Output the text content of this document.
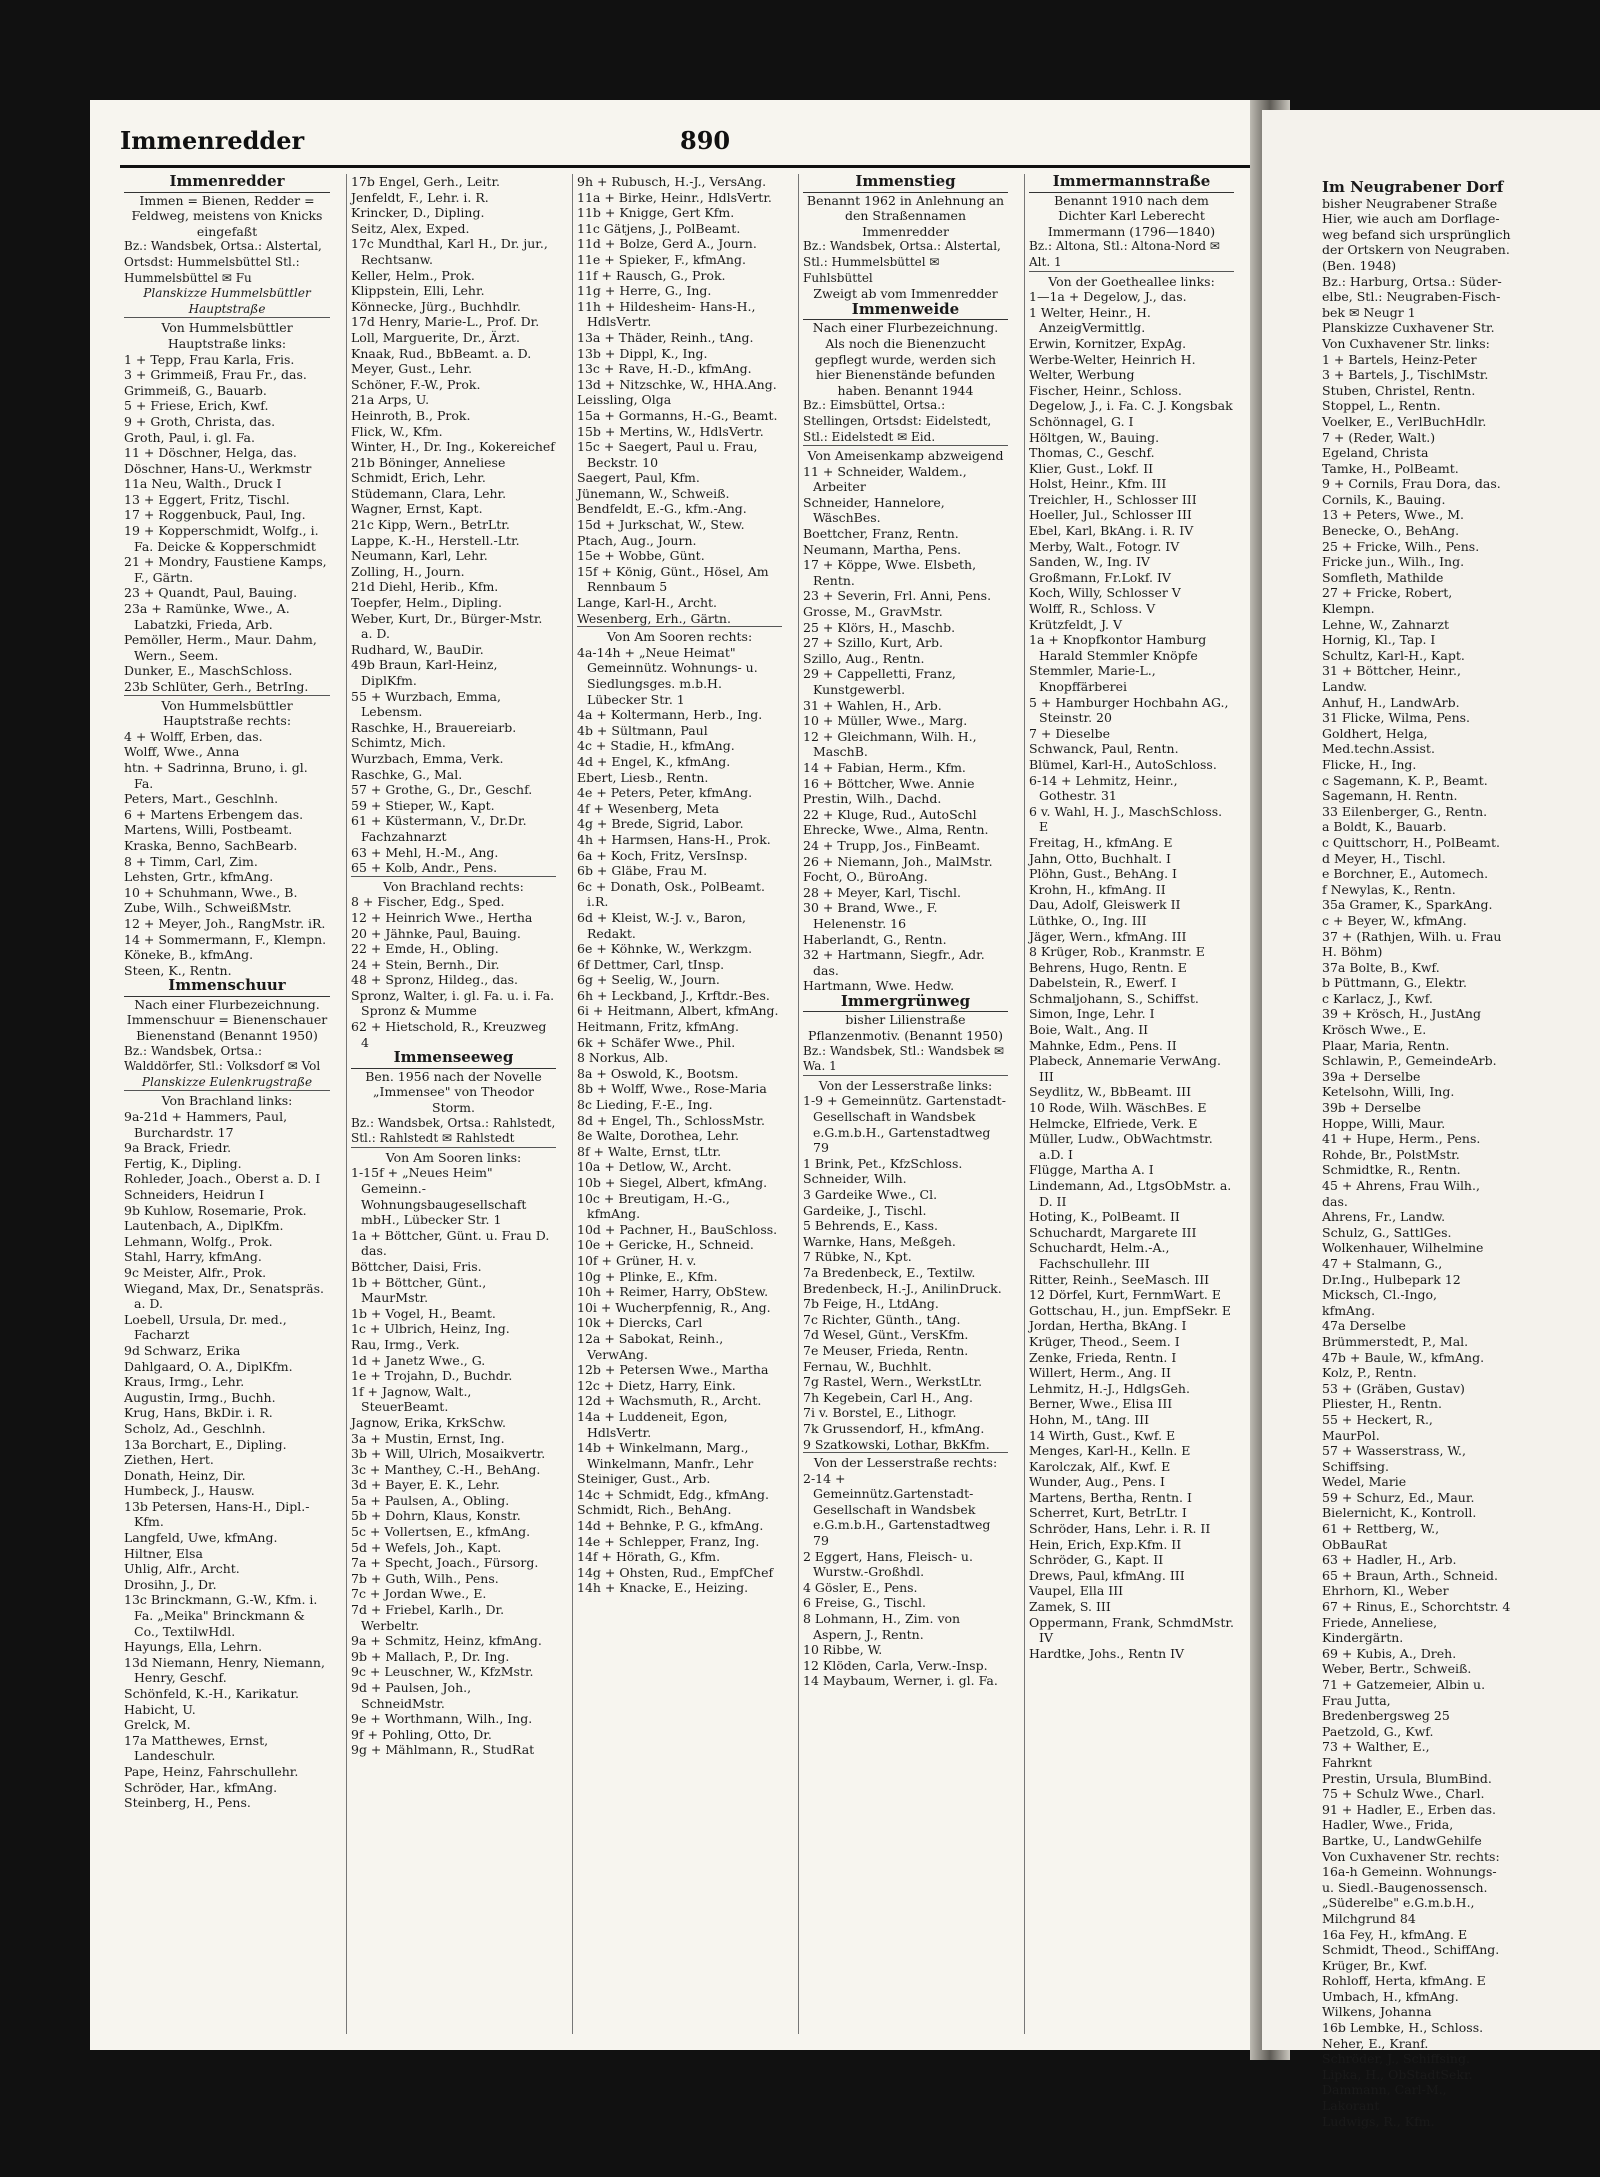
Immenredder	890

Immenredder

Immen = Bienen, Redder = Feldweg, meistens von Knicks eingefaßt

Bz.: Wandsbek, Ortsa.: Alstertal, Ortsdst: Hummelsbüttel Stl.: Hummelsbüttel ✉ Fu

Planskizze Hummelsbüttler Hauptstraße

Von Hummelsbüttler Hauptstraße links:

1 + Tepp, Frau Karla, Fris.

3 + Grimmeiß, Frau Fr., das.

Grimmeiß, G., Bauarb.

5 + Friese, Erich, Kwf.

9 + Groth, Christa, das.

Groth, Paul, i. gl. Fa.

11 + Döschner, Helga, das.

Döschner, Hans-U., Werkmstr

11a Neu, Walth., Druck I

13 + Eggert, Fritz, Tischl.

17 + Roggenbuck, Paul, Ing.

19 + Kopperschmidt, Wolfg., i. Fa. Deicke & Kopperschmidt

21 + Mondry, Faustiene Kamps, F., Gärtn.

23 + Quandt, Paul, Bauing.

23a + Ramünke, Wwe., A. Labatzki, Frieda, Arb.

Pemöller, Herm., Maur. Dahm, Wern., Seem.

Dunker, E., MaschSchloss.

23b Schlüter, Gerh., BetrIng.

Von Hummelsbüttler Hauptstraße rechts:

4 + Wolff, Erben, das.

Wolff, Wwe., Anna

htn. + Sadrinna, Bruno, i. gl. Fa.

Peters, Mart., Geschlnh.

6 + Martens Erbengem das.

Martens, Willi, Postbeamt.

Kraska, Benno, SachBearb.

8 + Timm, Carl, Zim.

Lehsten, Grtr., kfmAng.

10 + Schuhmann, Wwe., B.

Zube, Wilh., SchweißMstr.

12 + Meyer, Joh., RangMstr. iR.

14 + Sommermann, F., Klempn.

Köneke, B., kfmAng.

Steen, K., Rentn.

Immenschuur

Nach einer Flurbezeichnung. Immenschuur = Bienenschauer Bienenstand (Benannt 1950)

Bz.: Wandsbek, Ortsa.: Walddörfer, Stl.: Volksdorf ✉ Vol

Planskizze Eulenkrugstraße

Von Brachland links:

9a-21d + Hammers, Paul, Burchardstr. 17

9a Brack, Friedr.

Fertig, K., Dipling.

Rohleder, Joach., Oberst a. D. I

Schneiders, Heidrun I

9b Kuhlow, Rosemarie, Prok.

Lautenbach, A., DiplKfm.

Lehmann, Wolfg., Prok.

Stahl, Harry, kfmAng.

9c Meister, Alfr., Prok.

Wiegand, Max, Dr., Senatspräs. a. D.

Loebell, Ursula, Dr. med., Facharzt

9d Schwarz, Erika

Dahlgaard, O. A., DiplKfm.

Kraus, Irmg., Lehr.

Augustin, Irmg., Buchh.

Krug, Hans, BkDir. i. R.

Scholz, Ad., Geschlnh.

13a Borchart, E., Dipling.

Ziethen, Hert.

Donath, Heinz, Dir.

Humbeck, J., Hausw.

13b Petersen, Hans-H., Dipl.-Kfm.

Langfeld, Uwe, kfmAng.

Hiltner, Elsa

Uhlig, Alfr., Archt.

Drosihn, J., Dr.

13c Brinckmann, G.-W., Kfm. i. Fa. „Meika" Brinckmann & Co., TextilwHdl.

Hayungs, Ella, Lehrn.

13d Niemann, Henry, Niemann, Henry, Geschf.

Schönfeld, K.-H., Karikatur.

Habicht, U.

Grelck, M.

17a Matthewes, Ernst, Landeschulr.

Pape, Heinz, Fahrschullehr.

Schröder, Har., kfmAng.

Steinberg, H., Pens.

17b Engel, Gerh., Leitr.

Jenfeldt, F., Lehr. i. R.

Krincker, D., Dipling.

Seitz, Alex, Exped.

17c Mundthal, Karl H., Dr. jur., Rechtsanw.

Keller, Helm., Prok.

Klippstein, Elli, Lehr.

Könnecke, Jürg., Buchhdlr.

17d Henry, Marie-L., Prof. Dr.

Loll, Marguerite, Dr., Ärzt.

Knaak, Rud., BbBeamt. a. D.

Meyer, Gust., Lehr.

Schöner, F.-W., Prok.

21a Arps, U.

Heinroth, B., Prok.

Flick, W., Kfm.

Winter, H., Dr. Ing., Kokereichef

21b Böninger, Anneliese

Schmidt, Erich, Lehr.

Stüdemann, Clara, Lehr.

Wagner, Ernst, Kapt.

21c Kipp, Wern., BetrLtr.

Lappe, K.-H., Herstell.-Ltr.

Neumann, Karl, Lehr.

Zolling, H., Journ.

21d Diehl, Herib., Kfm.

Toepfer, Helm., Dipling.

Weber, Kurt, Dr., Bürger-Mstr. a. D.

Rudhard, W., BauDir.

49b Braun, Karl-Heinz, DiplKfm.

55 + Wurzbach, Emma, Lebensm.

Raschke, H., Brauereiarb.

Schimtz, Mich.

Wurzbach, Emma, Verk.

Raschke, G., Mal.

57 + Grothe, G., Dr., Geschf.

59 + Stieper, W., Kapt.

61 + Küstermann, V., Dr.Dr. Fachzahnarzt

63 + Mehl, H.-M., Ang.

65 + Kolb, Andr., Pens.

Von Brachland rechts:

8 + Fischer, Edg., Sped.

12 + Heinrich Wwe., Hertha

20 + Jähnke, Paul, Bauing.

22 + Emde, H., Obling.

24 + Stein, Bernh., Dir.

48 + Spronz, Hildeg., das.

Spronz, Walter, i. gl. Fa. u. i. Fa. Spronz & Mumme

62 + Hietschold, R., Kreuzweg 4

Immenseeweg

Ben. 1956 nach der Novelle „Immensee" von Theodor Storm.

Bz.: Wandsbek, Ortsa.: Rahlstedt, Stl.: Rahlstedt ✉ Rahlstedt

Von Am Sooren links:

1-15f + „Neues Heim" Gemeinn.-Wohnungsbaugesellschaft mbH., Lübecker Str. 1

1a + Böttcher, Günt. u. Frau D. das.

Böttcher, Daisi, Fris.

1b + Böttcher, Günt., MaurMstr.

1b + Vogel, H., Beamt.

1c + Ulbrich, Heinz, Ing.

Rau, Irmg., Verk.

1d + Janetz Wwe., G.

1e + Trojahn, D., Buchdr.

1f + Jagnow, Walt., SteuerBeamt.

Jagnow, Erika, KrkSchw.

3a + Mustin, Ernst, Ing.

3b + Will, Ulrich, Mosaikvertr.

3c + Manthey, C.-H., BehAng.

3d + Bayer, E. K., Lehr.

5a + Paulsen, A., Obling.

5b + Dohrn, Klaus, Konstr.

5c + Vollertsen, E., kfmAng.

5d + Wefels, Joh., Kapt.

7a + Specht, Joach., Fürsorg.

7b + Guth, Wilh., Pens.

7c + Jordan Wwe., E.

7d + Friebel, Karlh., Dr. Werbeltr.

9a + Schmitz, Heinz, kfmAng.

9b + Mallach, P., Dr. Ing.

9c + Leuschner, W., KfzMstr.

9d + Paulsen, Joh., SchneidMstr.

9e + Worthmann, Wilh., Ing.

9f + Pohling, Otto, Dr.

9g + Mählmann, R., StudRat

9h + Rubusch, H.-J., VersAng.

11a + Birke, Heinr., HdlsVertr.

11b + Knigge, Gert Kfm.

11c Gätjens, J., PolBeamt.

11d + Bolze, Gerd A., Journ.

11e + Spieker, F., kfmAng.

11f + Rausch, G., Prok.

11g + Herre, G., Ing.

11h + Hildesheim- Hans-H., HdlsVertr.

13a + Thäder, Reinh., tAng.

13b + Dippl, K., Ing.

13c + Rave, H.-D., kfmAng.

13d + Nitzschke, W., HHA.Ang.

Leissling, Olga

15a + Gormanns, H.-G., Beamt.

15b + Mertins, W., HdlsVertr.

15c + Saegert, Paul u. Frau, Beckstr. 10

Saegert, Paul, Kfm.

Jünemann, W., Schweiß.

Bendfeldt, E.-G., kfm.-Ang.

15d + Jurkschat, W., Stew.

Ptach, Aug., Journ.

15e + Wobbe, Günt.

15f + König, Günt., Hösel, Am Rennbaum 5

Lange, Karl-H., Archt.

Wesenberg, Erh., Gärtn.

Von Am Sooren rechts:

4a-14h + „Neue Heimat" Gemeinnütz. Wohnungs- u. Siedlungsges. m.b.H. Lübecker Str. 1

4a + Koltermann, Herb., Ing.

4b + Sültmann, Paul

4c + Stadie, H., kfmAng.

4d + Engel, K., kfmAng.

Ebert, Liesb., Rentn.

4e + Peters, Peter, kfmAng.

4f + Wesenberg, Meta

4g + Brede, Sigrid, Labor.

4h + Harmsen, Hans-H., Prok.

6a + Koch, Fritz, VersInsp.

6b + Gläbe, Frau M.

6c + Donath, Osk., PolBeamt. i.R.

6d + Kleist, W.-J. v., Baron, Redakt.

6e + Köhnke, W., Werkzgm.

6f Dettmer, Carl, tInsp.

6g + Seelig, W., Journ.

6h + Leckband, J., Krftdr.-Bes.

6i + Heitmann, Albert, kfmAng.

Heitmann, Fritz, kfmAng.

6k + Schäfer Wwe., Phil.

8 Norkus, Alb.

8a + Oswold, K., Bootsm.

8b + Wolff, Wwe., Rose-Maria

8c Lieding, F.-E., Ing.

8d + Engel, Th., SchlossMstr.

8e Walte, Dorothea, Lehr.

8f + Walte, Ernst, tLtr.

10a + Detlow, W., Archt.

10b + Siegel, Albert, kfmAng.

10c + Breutigam, H.-G., kfmAng.

10d + Pachner, H., BauSchloss.

10e + Gericke, H., Schneid.

10f + Grüner, H. v.

10g + Plinke, E., Kfm.

10h + Reimer, Harry, ObStew.

10i + Wucherpfennig, R., Ang.

10k + Diercks, Carl

12a + Sabokat, Reinh., VerwAng.

12b + Petersen Wwe., Martha

12c + Dietz, Harry, Eink.

12d + Wachsmuth, R., Archt.

14a + Luddeneit, Egon, HdlsVertr.

14b + Winkelmann, Marg., Winkelmann, Manfr., Lehr

Steiniger, Gust., Arb.

14c + Schmidt, Edg., kfmAng.

Schmidt, Rich., BehAng.

14d + Behnke, P. G., kfmAng.

14e + Schlepper, Franz, Ing.

14f + Hörath, G., Kfm.

14g + Ohsten, Rud., EmpfChef

14h + Knacke, E., Heizing.

Immenstieg

Benannt 1962 in Anlehnung an den Straßennamen Immenredder

Bz.: Wandsbek, Ortsa.: Alstertal, Stl.: Hummelsbüttel ✉ Fuhlsbüttel

Zweigt ab vom Immenredder

Immenweide

Nach einer Flurbezeichnung. Als noch die Bienenzucht gepflegt wurde, werden sich hier Bienenstände befunden haben. Benannt 1944

Bz.: Eimsbüttel, Ortsa.: Stellingen, Ortsdst: Eidelstedt, Stl.: Eidelstedt ✉ Eid.

Von Ameisenkamp abzweigend

11 + Schneider, Waldem., Arbeiter

Schneider, Hannelore, WäschBes.

Boettcher, Franz, Rentn.

Neumann, Martha, Pens.

17 + Köppe, Wwe. Elsbeth, Rentn.

23 + Severin, Frl. Anni, Pens.

Grosse, M., GravMstr.

25 + Klörs, H., Maschb.

27 + Szillo, Kurt, Arb.

Szillo, Aug., Rentn.

29 + Cappelletti, Franz, Kunstgewerbl.

31 + Wahlen, H., Arb.

10 + Müller, Wwe., Marg.

12 + Gleichmann, Wilh. H., MaschB.

14 + Fabian, Herm., Kfm.

16 + Böttcher, Wwe. Annie

Prestin, Wilh., Dachd.

22 + Kluge, Rud., AutoSchl

Ehrecke, Wwe., Alma, Rentn.

24 + Trupp, Jos., FinBeamt.

26 + Niemann, Joh., MalMstr.

Focht, O., BüroAng.

28 + Meyer, Karl, Tischl.

30 + Brand, Wwe., F. Helenenstr. 16

Haberlandt, G., Rentn.

32 + Hartmann, Siegfr., Adr. das.

Hartmann, Wwe. Hedw.

Immergrünweg

bisher Lilienstraße Pflanzenmotiv. (Benannt 1950)

Bz.: Wandsbek, Stl.: Wandsbek ✉ Wa. 1

Von der Lesserstraße links:

1-9 + Gemeinnütz. Gartenstadt-Gesellschaft in Wandsbek e.G.m.b.H., Gartenstadtweg 79

1 Brink, Pet., KfzSchloss.

Schneider, Wilh.

3 Gardeike Wwe., Cl.

Gardeike, J., Tischl.

5 Behrends, E., Kass.

Warnke, Hans, Meßgeh.

7 Rübke, N., Kpt.

7a Bredenbeck, E., Textilw.

Bredenbeck, H.-J., AnilinDruck.

7b Feige, H., LtdAng.

7c Richter, Günth., tAng.

7d Wesel, Günt., VersKfm.

7e Meuser, Frieda, Rentn.

Fernau, W., Buchhlt.

7g Rastel, Wern., WerkstLtr.

7h Kegebein, Carl H., Ang.

7i v. Borstel, E., Lithogr.

7k Grussendorf, H., kfmAng.

9 Szatkowski, Lothar, BkKfm.

Von der Lesserstraße rechts:

2-14 + Gemeinnütz.Gartenstadt-Gesellschaft in Wandsbek e.G.m.b.H., Gartenstadtweg 79

2 Eggert, Hans, Fleisch- u. Wurstw.-Großhdl.

4 Gösler, E., Pens.

6 Freise, G., Tischl.

8 Lohmann, H., Zim. von Aspern, J., Rentn.

10 Ribbe, W.

12 Klöden, Carla, Verw.-Insp.

14 Maybaum, Werner, i. gl. Fa.

Immermannstraße

Benannt 1910 nach dem Dichter Karl Leberecht Immermann (1796—1840)

Bz.: Altona, Stl.: Altona-Nord ✉ Alt. 1

Von der Goetheallee links:

1—1a + Degelow, J., das.

1 Welter, Heinr., H. AnzeigVermittlg.

Erwin, Kornitzer, ExpAg.

Werbe-Welter, Heinrich H.

Welter, Werbung

Fischer, Heinr., Schloss.

Degelow, J., i. Fa. C. J. Kongsbak

Schönnagel, G. I

Höltgen, W., Bauing.

Thomas, C., Geschf.

Klier, Gust., Lokf. II

Holst, Heinr., Kfm. III

Treichler, H., Schlosser III

Hoeller, Jul., Schlosser III

Ebel, Karl, BkAng. i. R. IV

Merby, Walt., Fotogr. IV

Sanden, W., Ing. IV

Großmann, Fr.Lokf. IV

Koch, Willy, Schlosser V

Wolff, R., Schloss. V

Krützfeldt, J. V

1a + Knopfkontor Hamburg Harald Stemmler Knöpfe

Stemmler, Marie-L., Knopffärberei

5 + Hamburger Hochbahn AG., Steinstr. 20

7 + Dieselbe

Schwanck, Paul, Rentn.

Blümel, Karl-H., AutoSchloss.

6-14 + Lehmitz, Heinr., Gothestr. 31

6 v. Wahl, H. J., MaschSchloss. E

Freitag, H., kfmAng. E

Jahn, Otto, Buchhalt. I

Plöhn, Gust., BehAng. I

Krohn, H., kfmAng. II

Dau, Adolf, Gleiswerk II

Lüthke, O., Ing. III

Jäger, Wern., kfmAng. III

8 Krüger, Rob., Kranmstr. E

Behrens, Hugo, Rentn. E

Dabelstein, R., Ewerf. I

Schmaljohann, S., Schiffst.

Simon, Inge, Lehr. I

Boie, Walt., Ang. II

Mahnke, Edm., Pens. II

Plabeck, Annemarie VerwAng. III

Seydlitz, W., BbBeamt. III

10 Rode, Wilh. WäschBes. E

Helmcke, Elfriede, Verk. E

Müller, Ludw., ObWachtmstr. a.D. I

Flügge, Martha A. I

Lindemann, Ad., LtgsObMstr. a. D. II

Hoting, K., PolBeamt. II

Schuchardt, Margarete III

Schuchardt, Helm.-A., Fachschullehr. III

Ritter, Reinh., SeeMasch. III

12 Dörfel, Kurt, FernmWart. E

Gottschau, H., jun. EmpfSekr. E

Jordan, Hertha, BkAng. I

Krüger, Theod., Seem. I

Zenke, Frieda, Rentn. I

Willert, Herm., Ang. II

Lehmitz, H.-J., HdlgsGeh.

Berner, Wwe., Elisa III

Hohn, M., tAng. III

14 Wirth, Gust., Kwf. E

Menges, Karl-H., Kelln. E

Karolczak, Alf., Kwf. E

Wunder, Aug., Pens. I

Martens, Bertha, Rentn. I

Scherret, Kurt, BetrLtr. I

Schröder, Hans, Lehr. i. R. II

Hein, Erich, Exp.Kfm. II

Schröder, G., Kapt. II

Drews, Paul, kfmAng. III

Vaupel, Ella III

Zamek, S. III

Oppermann, Frank, SchmdMstr. IV

Hardtke, Johs., Rentn IV

Im Neugrabener Dorf

bisher Neugrabener Straße

Hier, wie auch am Dorflage-

weg befand sich ursprünglich

der Ortskern von Neugraben.

(Ben. 1948)

Bz.: Harburg, Ortsa.: Süder-

elbe, Stl.: Neugraben-Fisch-

bek ✉ Neugr 1

Planskizze Cuxhavener Str.

Von Cuxhavener Str. links:

1 + Bartels, Heinz-Peter

3 + Bartels, J., TischlMstr.

Stuben, Christel, Rentn.

Stoppel, L., Rentn.

Voelker, E., VerlBuchHdlr.

7 + (Reder, Walt.)

Egeland, Christa

Tamke, H., PolBeamt.

9 + Cornils, Frau Dora, das.

Cornils, K., Bauing.

13 + Peters, Wwe., M.

Benecke, O., BehAng.

25 + Fricke, Wilh., Pens.

Fricke jun., Wilh., Ing.

Somfleth, Mathilde

27 + Fricke, Robert,

Klempn.

Lehne, W., Zahnarzt

Hornig, Kl., Tap. I

Schultz, Karl-H., Kapt.

31 + Böttcher, Heinr.,

Landw.

Anhuf, H., LandwArb.

31 Flicke, Wilma, Pens.

Goldhert, Helga,

Med.techn.Assist.

Flicke, H., Ing.

c Sagemann, K. P., Beamt.

Sagemann, H. Rentn.

33 Eilenberger, G., Rentn.

a Boldt, K., Bauarb.

c Quittschorr, H., PolBeamt.

d Meyer, H., Tischl.

e Borchner, E., Automech.

f Newylas, K., Rentn.

35a Gramer, K., SparkAng.

c + Beyer, W., kfmAng.

37 + (Rathjen, Wilh. u. Frau

H. Böhm)

37a Bolte, B., Kwf.

b Püttmann, G., Elektr.

c Karlacz, J., Kwf.

39 + Krösch, H., JustAng

Krösch Wwe., E.

Plaar, Maria, Rentn.

Schlawin, P., GemeindeArb.

39a + Derselbe

Ketelsohn, Willi, Ing.

39b + Derselbe

Hoppe, Willi, Maur.

41 + Hupe, Herm., Pens.

Rohde, Br., PolstMstr.

Schmidtke, R., Rentn.

45 + Ahrens, Frau Wilh.,

das.

Ahrens, Fr., Landw.

Schulz, G., SattlGes.

Wolkenhauer, Wilhelmine

47 + Stalmann, G.,

Dr.Ing., Hulbepark 12

Micksch, Cl.-Ingo,

kfmAng.

47a Derselbe

Brümmerstedt, P., Mal.

47b + Baule, W., kfmAng.

Kolz, P., Rentn.

53 + (Gräben, Gustav)

Pliester, H., Rentn.

55 + Heckert, R.,

MaurPol.

57 + Wasserstrass, W.,

Schiffsing.

Wedel, Marie

59 + Schurz, Ed., Maur.

Bielernicht, K., Kontroll.

61 + Rettberg, W.,

ObBauRat

63 + Hadler, H., Arb.

65 + Braun, Arth., Schneid.

Ehrhorn, Kl., Weber

67 + Rinus, E., Schorchtstr. 4

Friede, Anneliese,

Kindergärtn.

69 + Kubis, A., Dreh.

Weber, Bertr., Schweiß.

71 + Gatzemeier, Albin u.

Frau Jutta,

Bredenbergsweg 25

Paetzold, G., Kwf.

73 + Walther, E.,

Fahrknt

Prestin, Ursula, BlumBind.

75 + Schulz Wwe., Charl.

91 + Hadler, E., Erben das.

Hadler, Wwe., Frida,

Bartke, U., LandwGehilfe

Von Cuxhavener Str. rechts:

16a-h Gemeinn. Wohnungs-

u. Siedl.-Baugenossensch.

„Süderelbe" e.G.m.b.H.,

Milchgrund 84

16a Fey, H., kfmAng. E

Schmidt, Theod., SchiffAng.

Krüger, Br., Kwf.

Rohloff, Herta, kfmAng. E

Umbach, H., kfmAng.

Wilkens, Johanna

16b Lembke, H., Schloss.

Neher, E., Kranf.

Schröder, J., Schiffsing.

Lipka, H., ObStadtSekr.

Dammann, Carl-M.,

Lakorant

Ludwigs, R., Kfm.
